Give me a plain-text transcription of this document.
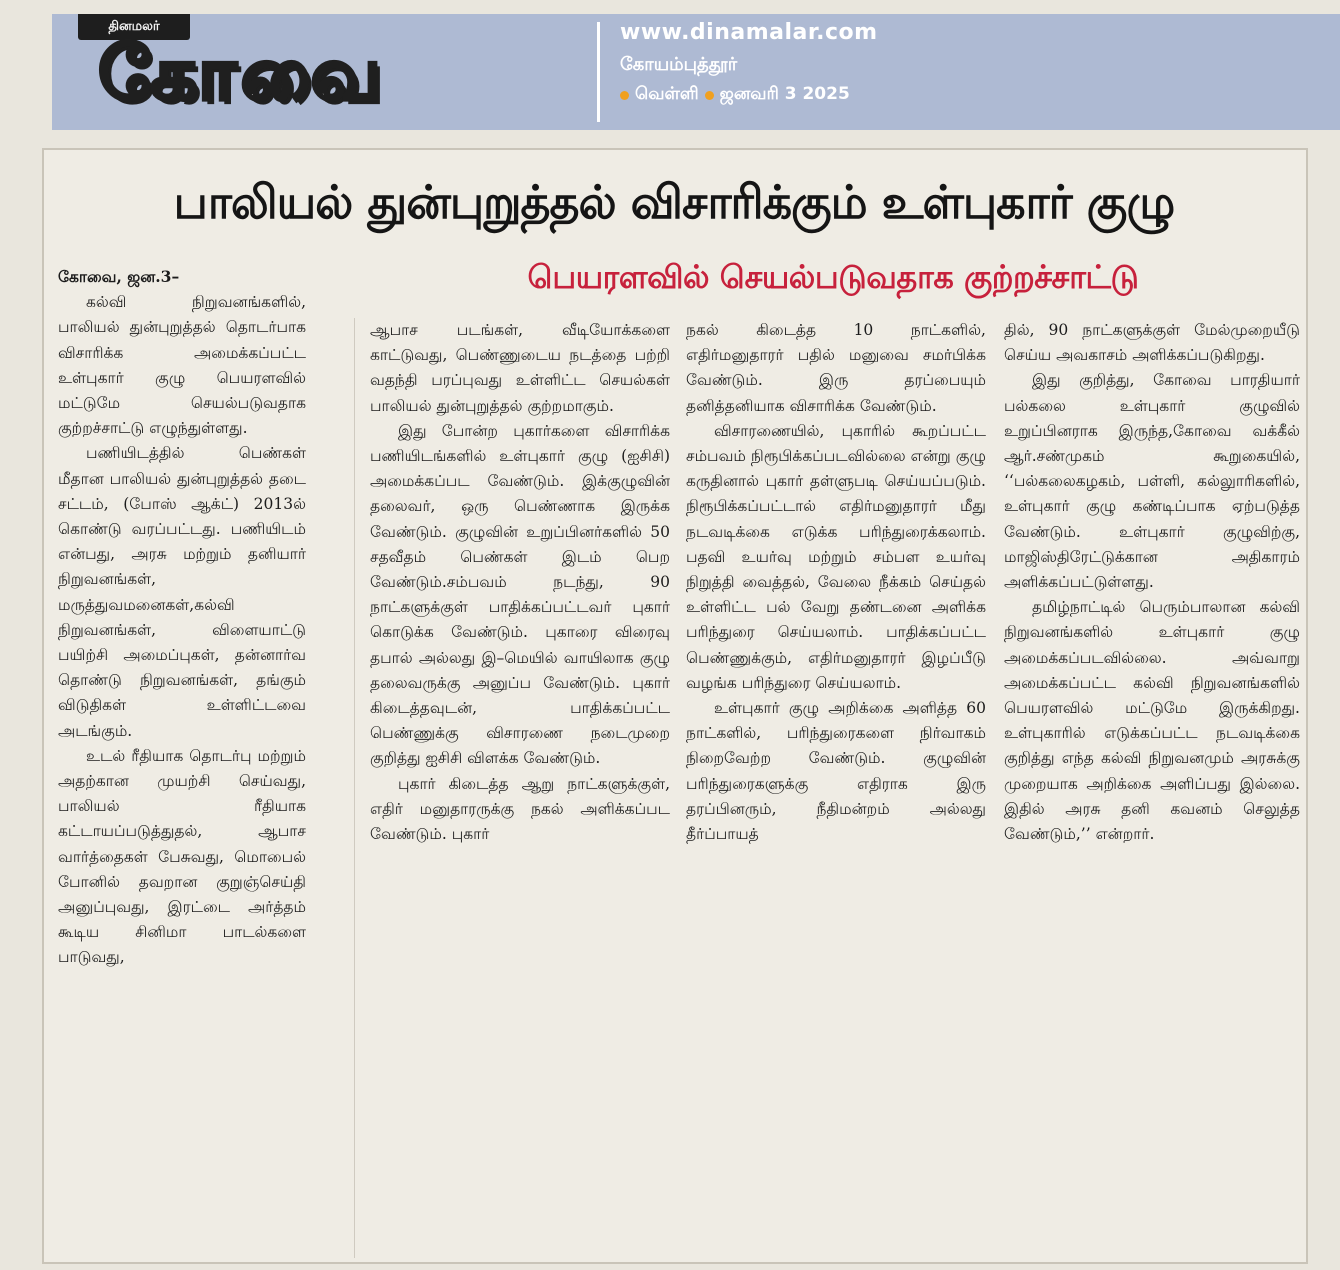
தினமலர்
கோவை	www.dinamalar.com
கோயம்புத்தூர்
வெள்ளி ஜனவரி 3 2025
பாலியல் துன்புறுத்தல் விசாரிக்கும் உள்புகார் குழு
பெயரளவில் செயல்படுவதாக குற்றச்சாட்டு

கோவை, ஜன.3–

கல்வி நிறுவனங்களில், பாலியல் துன்புறுத்தல் தொடர்பாக விசாரிக்க அமைக்கப்பட்ட உள்புகார் குழு பெயரளவில் மட்டுமே செயல்படுவதாக குற்றச்சாட்டு எழுந்துள்ளது.

பணியிடத்தில் பெண்கள் மீதான பாலியல் துன்புறுத்தல் தடை சட்டம், (போஸ் ஆக்ட்) 2013ல் கொண்டு வரப்பட்டது. பணியிடம் என்பது, அரசு மற்றும் தனியார் நிறுவனங்கள், மருத்துவமனைகள்,கல்வி நிறுவனங்கள், விளையாட்டு பயிற்சி அமைப்புகள், தன்னார்வ தொண்டு நிறுவனங்கள், தங்கும் விடுதிகள் உள்ளிட்டவை அடங்கும்.

உடல் ரீதியாக தொடர்பு மற்றும் அதற்கான முயற்சி செய்வது, பாலியல் ரீதியாக கட்டாயப்படுத்துதல், ஆபாச வார்த்தைகள் பேசுவது, மொபைல் போனில் தவறான குறுஞ்செய்தி அனுப்புவது, இரட்டை அர்த்தம் கூடிய சினிமா பாடல்களை பாடுவது,

ஆபாச படங்கள், வீடியோக்களை காட்டுவது, பெண்ணுடைய நடத்தை பற்றி வதந்தி பரப்புவது உள்ளிட்ட செயல்கள் பாலியல் துன்புறுத்தல் குற்றமாகும்.

இது போன்ற புகார்களை விசாரிக்க பணியிடங்களில் உள்புகார் குழு (ஐசிசி) அமைக்கப்பட வேண்டும். இக்குழுவின் தலைவர், ஒரு பெண்ணாக இருக்க வேண்டும். குழுவின் உறுப்பினர்களில் 50 சதவீதம் பெண்கள் இடம் பெற வேண்டும்.சம்பவம் நடந்து, 90 நாட்களுக்குள் பாதிக்கப்பட்டவர் புகார் கொடுக்க வேண்டும். புகாரை விரைவு தபால் அல்லது இ–மெயில் வாயிலாக குழு தலைவருக்கு அனுப்ப வேண்டும். புகார் கிடைத்தவுடன், பாதிக்கப்பட்ட பெண்ணுக்கு விசாரணை நடைமுறை குறித்து ஐசிசி விளக்க வேண்டும்.

புகார் கிடைத்த ஆறு நாட்களுக்குள், எதிர் மனுதாரருக்கு நகல் அளிக்கப்பட வேண்டும். புகார்

நகல் கிடைத்த 10 நாட்களில், எதிர்மனுதாரர் பதில் மனுவை சமர்பிக்க வேண்டும். இரு தரப்பையும் தனித்தனியாக விசாரிக்க வேண்டும்.

விசாரணையில், புகாரில் கூறப்பட்ட சம்பவம் நிரூபிக்கப்படவில்லை என்று குழு கருதினால் புகார் தள்ளுபடி செய்யப்படும். நிரூபிக்கப்பட்டால் எதிர்மனுதாரர் மீது நடவடிக்கை எடுக்க பரிந்துரைக்கலாம். பதவி உயர்வு மற்றும் சம்பள உயர்வு நிறுத்தி வைத்தல், வேலை நீக்கம் செய்தல் உள்ளிட்ட பல் வேறு தண்டனை அளிக்க பரிந்துரை செய்யலாம். பாதிக்கப்பட்ட பெண்ணுக்கும், எதிர்மனுதாரர் இழப்பீடு வழங்க பரிந்துரை செய்யலாம்.

உள்புகார் குழு அறிக்கை அளித்த 60 நாட்களில், பரிந்துரைகளை நிர்வாகம் நிறைவேற்ற வேண்டும். குழுவின் பரிந்துரைகளுக்கு எதிராக இரு தரப்பினரும், நீதிமன்றம் அல்லது தீர்ப்பாயத்

தில், 90 நாட்களுக்குள் மேல்முறையீடு செய்ய அவகாசம் அளிக்கப்படுகிறது.

இது குறித்து, கோவை பாரதியார் பல்கலை உள்புகார் குழுவில் உறுப்பினராக இருந்த,கோவை வக்கீல் ஆர்.சண்முகம் கூறுகையில், ‘‘பல்கலைகழகம், பள்ளி, கல்லுாரிகளில், உள்புகார் குழு கண்டிப்பாக ஏற்படுத்த வேண்டும். உள்புகார் குழுவிற்கு, மாஜிஸ்திரேட்டுக்கான அதிகாரம் அளிக்கப்பட்டுள்ளது.

தமிழ்நாட்டில் பெரும்பாலான கல்வி நிறுவனங்களில் உள்புகார் குழு அமைக்கப்படவில்லை. அவ்வாறு அமைக்கப்பட்ட கல்வி நிறுவனங்களில் பெயரளவில் மட்டுமே இருக்கிறது. உள்புகாரில் எடுக்கப்பட்ட நடவடிக்கை குறித்து எந்த கல்வி நிறுவனமும் அரசுக்கு முறையாக அறிக்கை அளிப்பது இல்லை. இதில் அரசு தனி கவனம் செலுத்த வேண்டும்,’’ என்றார்.
